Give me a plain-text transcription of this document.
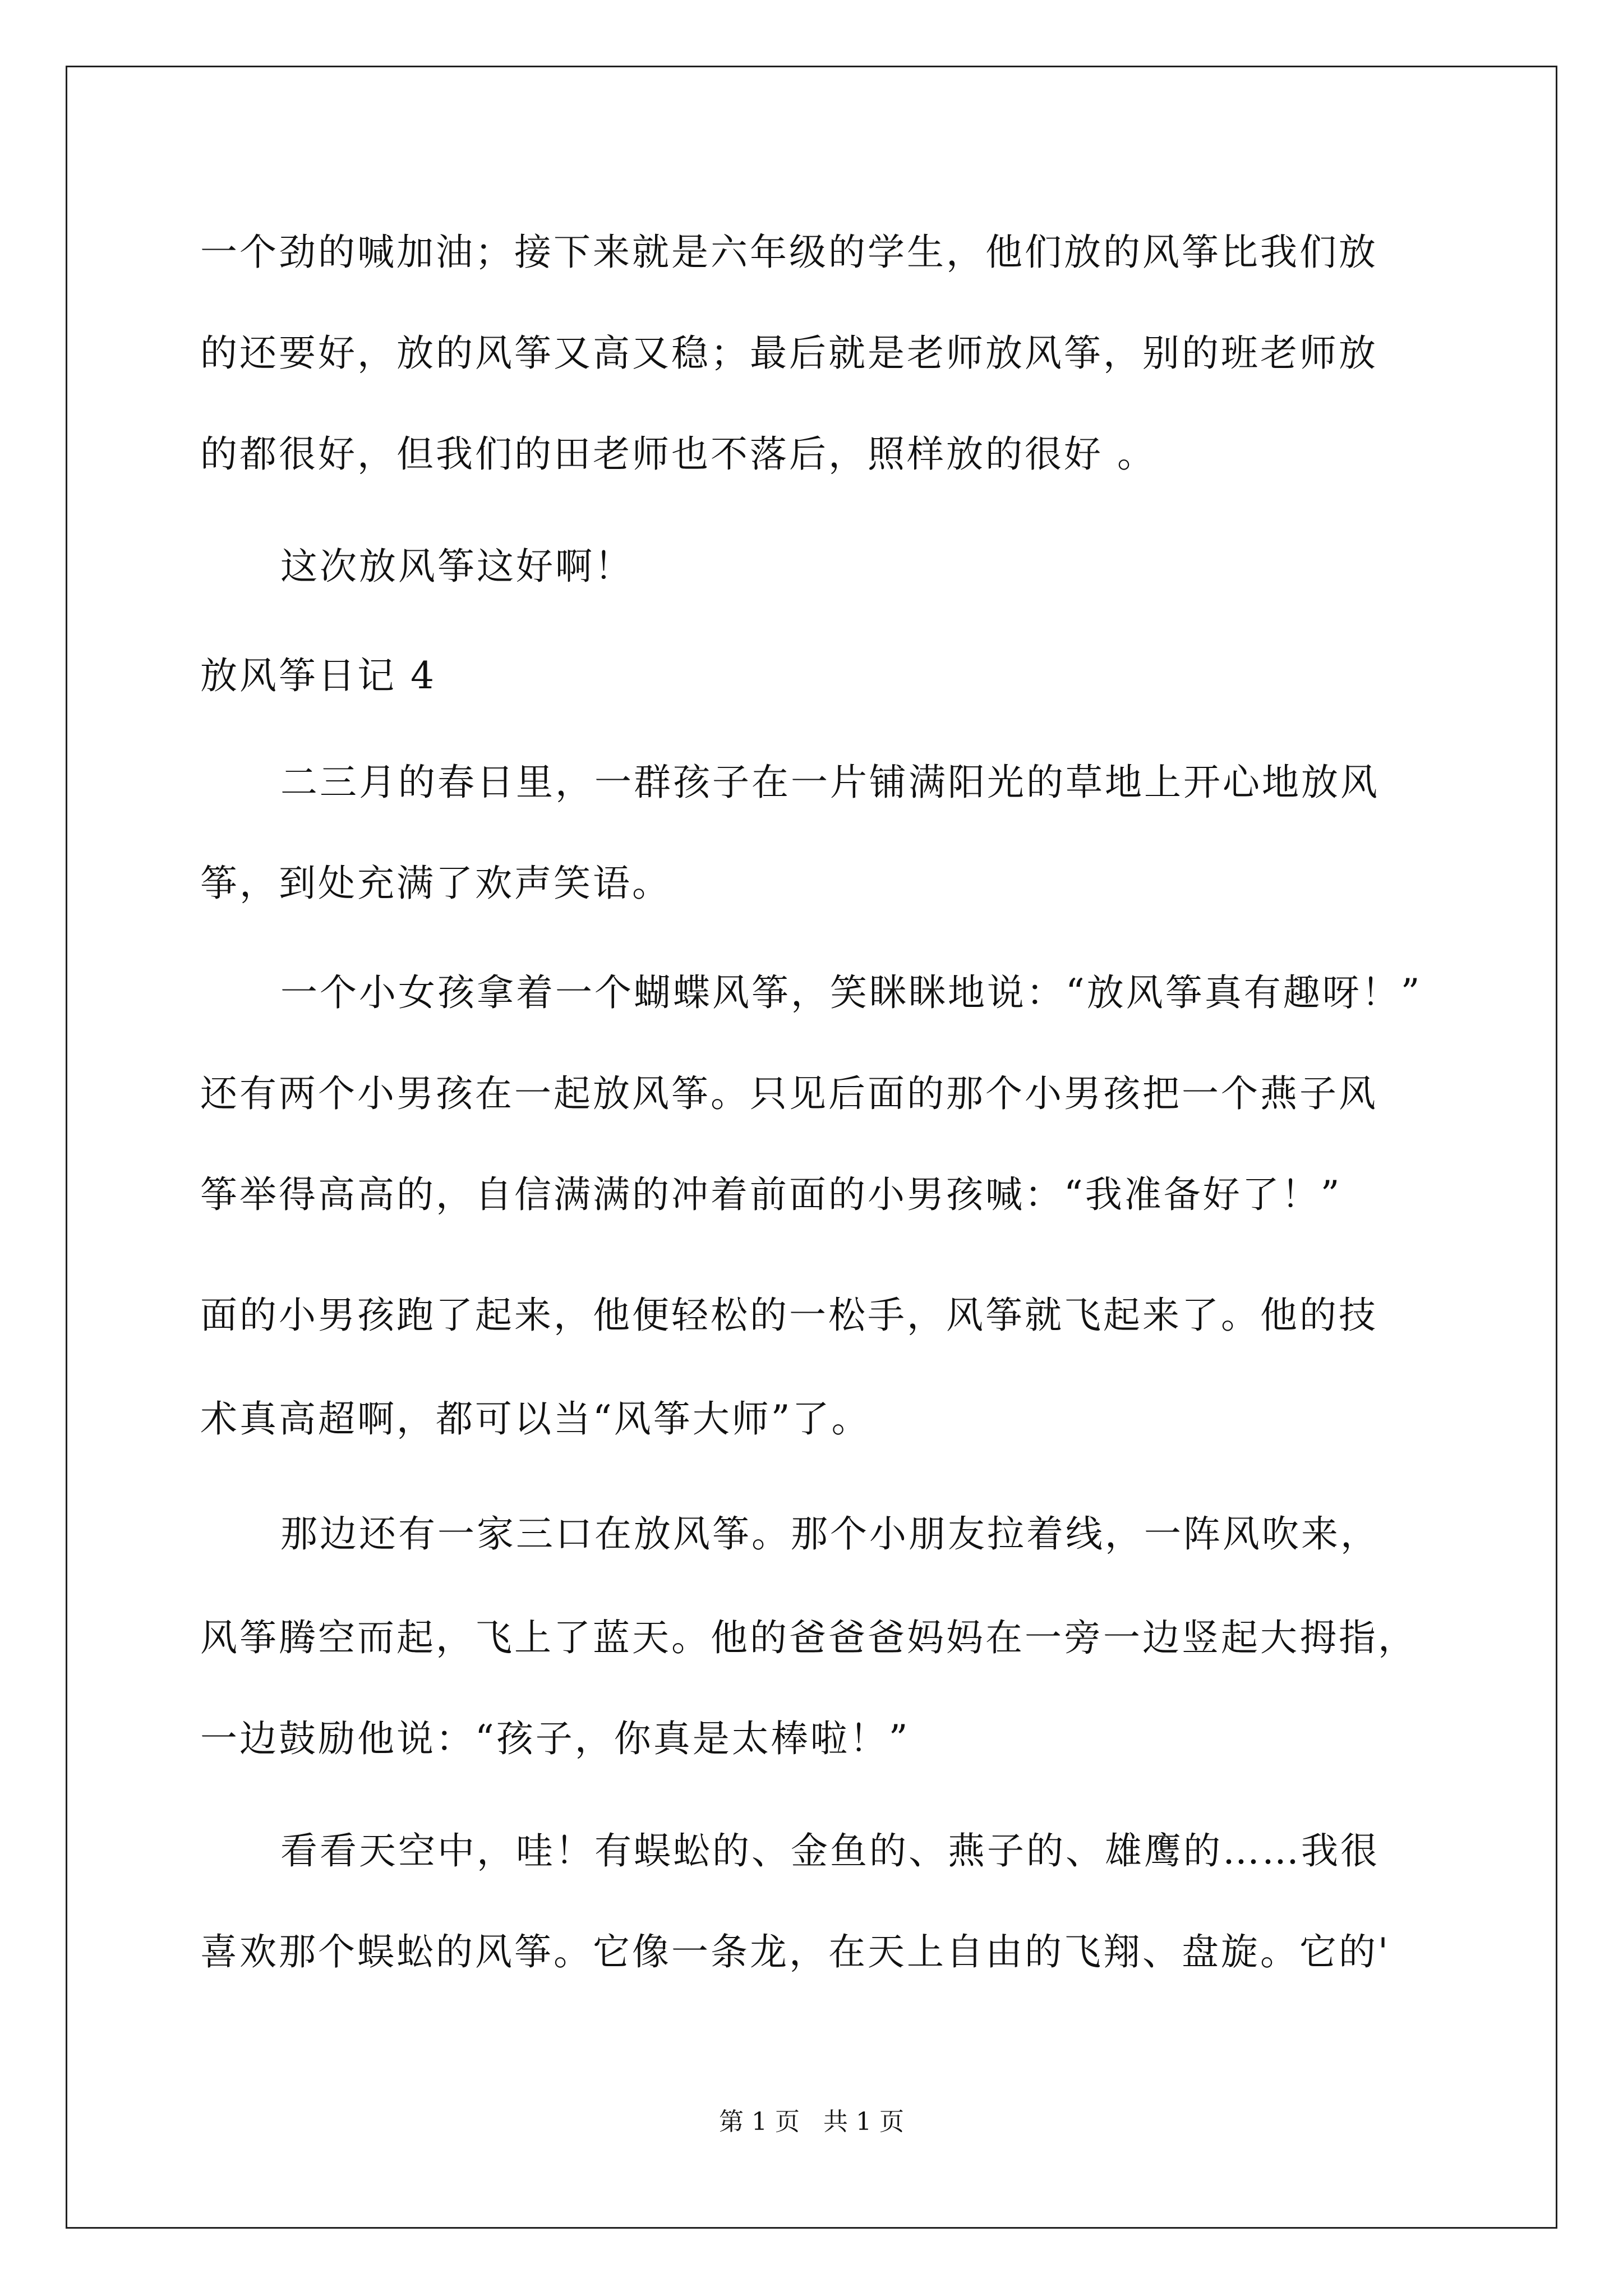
一个劲的喊加油；接下来就是六年级的学生，他们放的风筝比我们放
的还要好，放的风筝又高又稳；最后就是老师放风筝，别的班老师放
的都很好，但我们的田老师也不落后，照样放的很好 。
这次放风筝这好啊！
放风筝日记 4
二三月的春日里，一群孩子在一片铺满阳光的草地上开心地放风
筝，到处充满了欢声笑语。
一个小女孩拿着一个蝴蝶风筝，笑眯眯地说：“放风筝真有趣呀！”
还有两个小男孩在一起放风筝。只见后面的那个小男孩把一个燕子风
筝举得高高的，自信满满的冲着前面的小男孩喊：“我准备好了！”
面的小男孩跑了起来，他便轻松的一松手，风筝就飞起来了。他的技
术真高超啊，都可以当“风筝大师”了。
那边还有一家三口在放风筝。那个小朋友拉着线，一阵风吹来，
风筝腾空而起，飞上了蓝天。他的爸爸爸妈妈在一旁一边竖起大拇指，
一边鼓励他说：“孩子，你真是太棒啦！”
看看天空中，哇！有蜈蚣的、金鱼的、燕子的、雄鹰的……我很
喜欢那个蜈蚣的风筝。它像一条龙，在天上自由的飞翔、盘旋。它的'
第 1 页   共 1 页
